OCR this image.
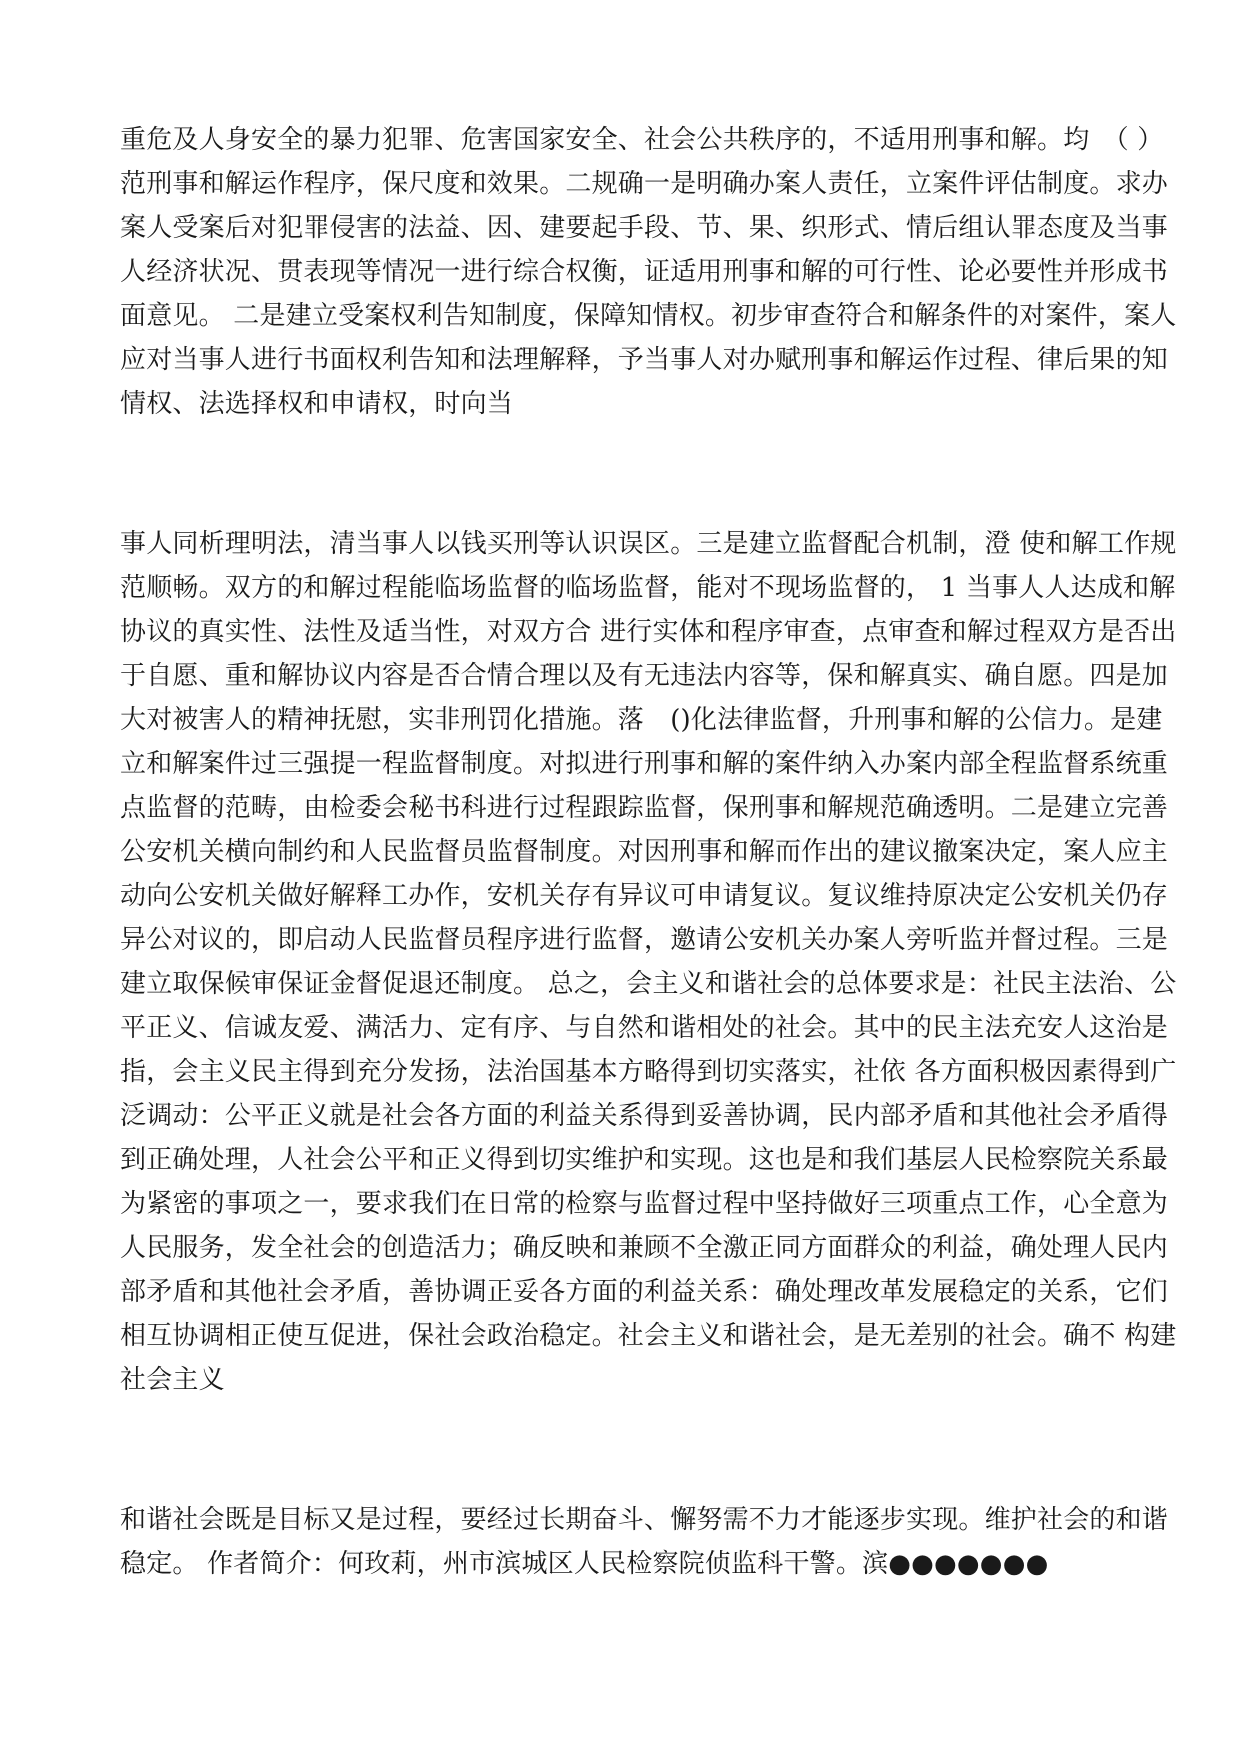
重危及人身安全的暴力犯罪、危害国家安全、社会公共秩序的，不适用刑事和解。均　（ ）
范刑事和解运作程序，保尺度和效果。二规确一是明确办案人责任，立案件评估制度。求办
案人受案后对犯罪侵害的法益、因、建要起手段、节、果、织形式、情后组认罪态度及当事
人经济状况、贯表现等情况一进行综合权衡，证适用刑事和解的可行性、论必要性并形成书
面意见。 二是建立受案权利告知制度，保障知情权。初步审查符合和解条件的对案件，案人
应对当事人进行书面权利告知和法理解释，予当事人对办赋刑事和解运作过程、律后果的知
情权、法选择权和申请权，时向当
事人同析理明法，清当事人以钱买刑等认识误区。三是建立监督配合机制，澄 使和解工作规
范顺畅。双方的和解过程能临场监督的临场监督，能对不现场监督的， 1 当事人人达成和解
协议的真实性、法性及适当性，对双方合 进行实体和程序审查，点审查和解过程双方是否出
于自愿、重和解协议内容是否合情合理以及有无违法内容等，保和解真实、确自愿。四是加
大对被害人的精神抚慰，实非刑罚化措施。落　()化法律监督，升刑事和解的公信力。是建
立和解案件过三强提一程监督制度。对拟进行刑事和解的案件纳入办案内部全程监督系统重
点监督的范畴，由检委会秘书科进行过程跟踪监督，保刑事和解规范确透明。二是建立完善
公安机关横向制约和人民监督员监督制度。对因刑事和解而作出的建议撤案决定，案人应主
动向公安机关做好解释工办作，安机关存有异议可申请复议。复议维持原决定公安机关仍存
异公对议的，即启动人民监督员程序进行监督，邀请公安机关办案人旁听监并督过程。三是
建立取保候审保证金督促退还制度。 总之，会主义和谐社会的总体要求是：社民主法治、公
平正义、信诚友爱、满活力、定有序、与自然和谐相处的社会。其中的民主法充安人这治是
指，会主义民主得到充分发扬，法治国基本方略得到切实落实，社依 各方面积极因素得到广
泛调动：公平正义就是社会各方面的利益关系得到妥善协调，民内部矛盾和其他社会矛盾得
到正确处理，人社会公平和正义得到切实维护和实现。这也是和我们基层人民检察院关系最
为紧密的事项之一，要求我们在日常的检察与监督过程中坚持做好三项重点工作，心全意为
人民服务，发全社会的创造活力；确反映和兼顾不全激正同方面群众的利益，确处理人民内
部矛盾和其他社会矛盾，善协调正妥各方面的利益关系：确处理改革发展稳定的关系，它们
相互协调相正使互促进，保社会政治稳定。社会主义和谐社会，是无差别的社会。确不 构建
社会主义
和谐社会既是目标又是过程，要经过长期奋斗、懈努需不力才能逐步实现。维护社会的和谐
稳定。 作者简介：何玫莉，州市滨城区人民检察院侦监科干警。滨●●●●●●●
